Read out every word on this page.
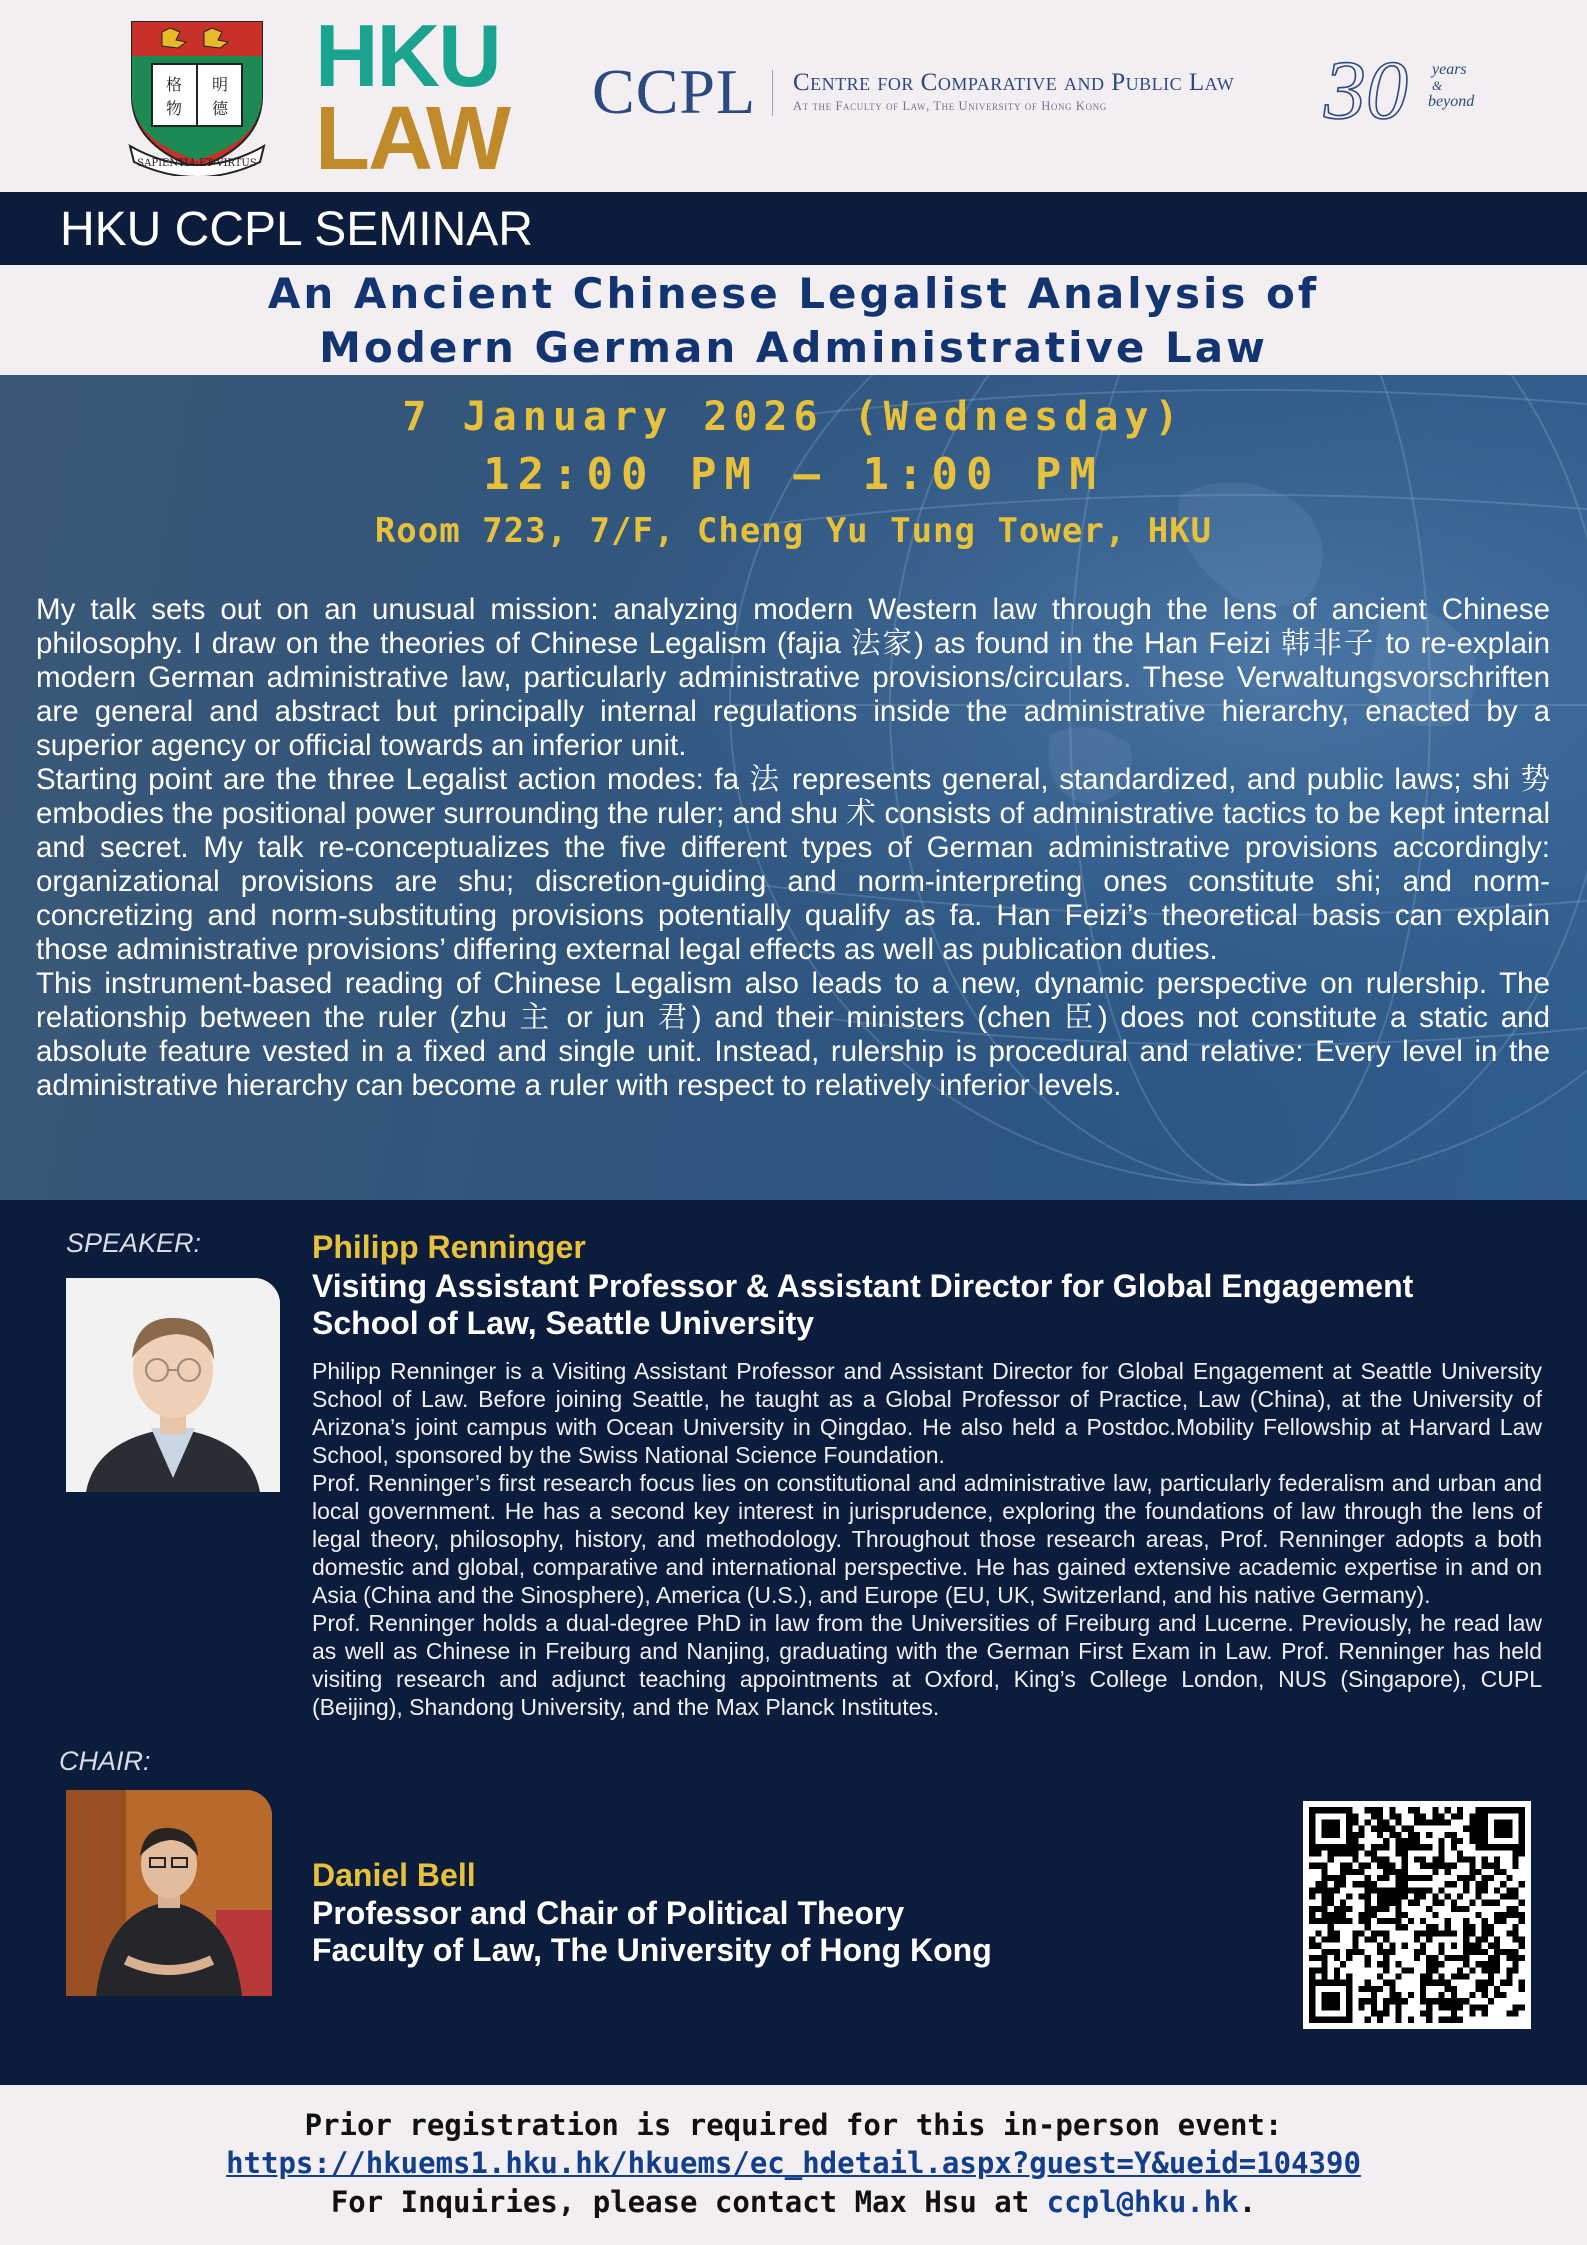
格 明
物 德
SAPIENTIA·ET·VIRTUS
HKU
LAW CCPL Centre for Comparative and Public Law
At the Faculty of Law, The University of Hong Kong	30 years
&
beyond
HKU CCPL SEMINAR
An Ancient Chinese Legalist Analysis of
Modern German Administrative Law
7 January 2026 (Wednesday)
12:00 PM – 1:00 PM
Room 723, 7/F, Cheng Yu Tung Tower, HKU

My talk sets out on an unusual mission: analyzing modern Western law through the lens of ancient Chinese philosophy. I draw on the theories of Chinese Legalism (fajia 法家) as found in the Han Feizi 韩非子 to re-explain modern German administrative law, particularly administrative provisions/circulars. These Verwaltungsvorschriften are general and abstract but principally internal regulations inside the administrative hierarchy, enacted by a superior agency or official towards an inferior unit.

Starting point are the three Legalist action modes: fa 法 represents general, standardized, and public laws; shi 势 embodies the positional power surrounding the ruler; and shu 术 consists of administrative tactics to be kept internal and secret. My talk re-conceptualizes the five different types of German administrative provisions accordingly: organizational provisions are shu; discretion-guiding and norm-interpreting ones constitute shi; and norm-concretizing and norm-substituting provisions potentially qualify as fa. Han Feizi’s theoretical basis can explain those administrative provisions’ differing external legal effects as well as publication duties.

This instrument-based reading of Chinese Legalism also leads to a new, dynamic perspective on rulership. The relationship between the ruler (zhu 主 or jun 君) and their ministers (chen 臣) does not constitute a static and absolute feature vested in a fixed and single unit. Instead, rulership is procedural and relative: Every level in the administrative hierarchy can become a ruler with respect to relatively inferior levels.

SPEAKER:	Philipp Renninger
Visiting Assistant Professor & Assistant Director for Global Engagement
School of Law, Seattle University

Philipp Renninger is a Visiting Assistant Professor and Assistant Director for Global Engagement at Seattle University School of Law. Before joining Seattle, he taught as a Global Professor of Practice, Law (China), at the University of Arizona’s joint campus with Ocean University in Qingdao. He also held a Postdoc.Mobility Fellowship at Harvard Law School, sponsored by the Swiss National Science Foundation.

Prof. Renninger’s first research focus lies on constitutional and administrative law, particularly federalism and urban and local government. He has a second key interest in jurisprudence, exploring the foundations of law through the lens of legal theory, philosophy, history, and methodology. Throughout those research areas, Prof. Renninger adopts a both domestic and global, comparative and international perspective. He has gained extensive academic expertise in and on Asia (China and the Sinosphere), America (U.S.), and Europe (EU, UK, Switzerland, and his native Germany).

Prof. Renninger holds a dual-degree PhD in law from the Universities of Freiburg and Lucerne. Previously, he read law as well as Chinese in Freiburg and Nanjing, graduating with the German First Exam in Law. Prof. Renninger has held visiting research and adjunct teaching appointments at Oxford, King’s College London, NUS (Singapore), CUPL (Beijing), Shandong University, and the Max Planck Institutes.

CHAIR:
Daniel Bell
Professor and Chair of Political Theory
Faculty of Law, The University of Hong Kong
Prior registration is required for this in-person event:
https://hkuems1.hku.hk/hkuems/ec_hdetail.aspx?guest=Y&ueid=104390
For Inquiries, please contact Max Hsu at ccpl@hku.hk.
